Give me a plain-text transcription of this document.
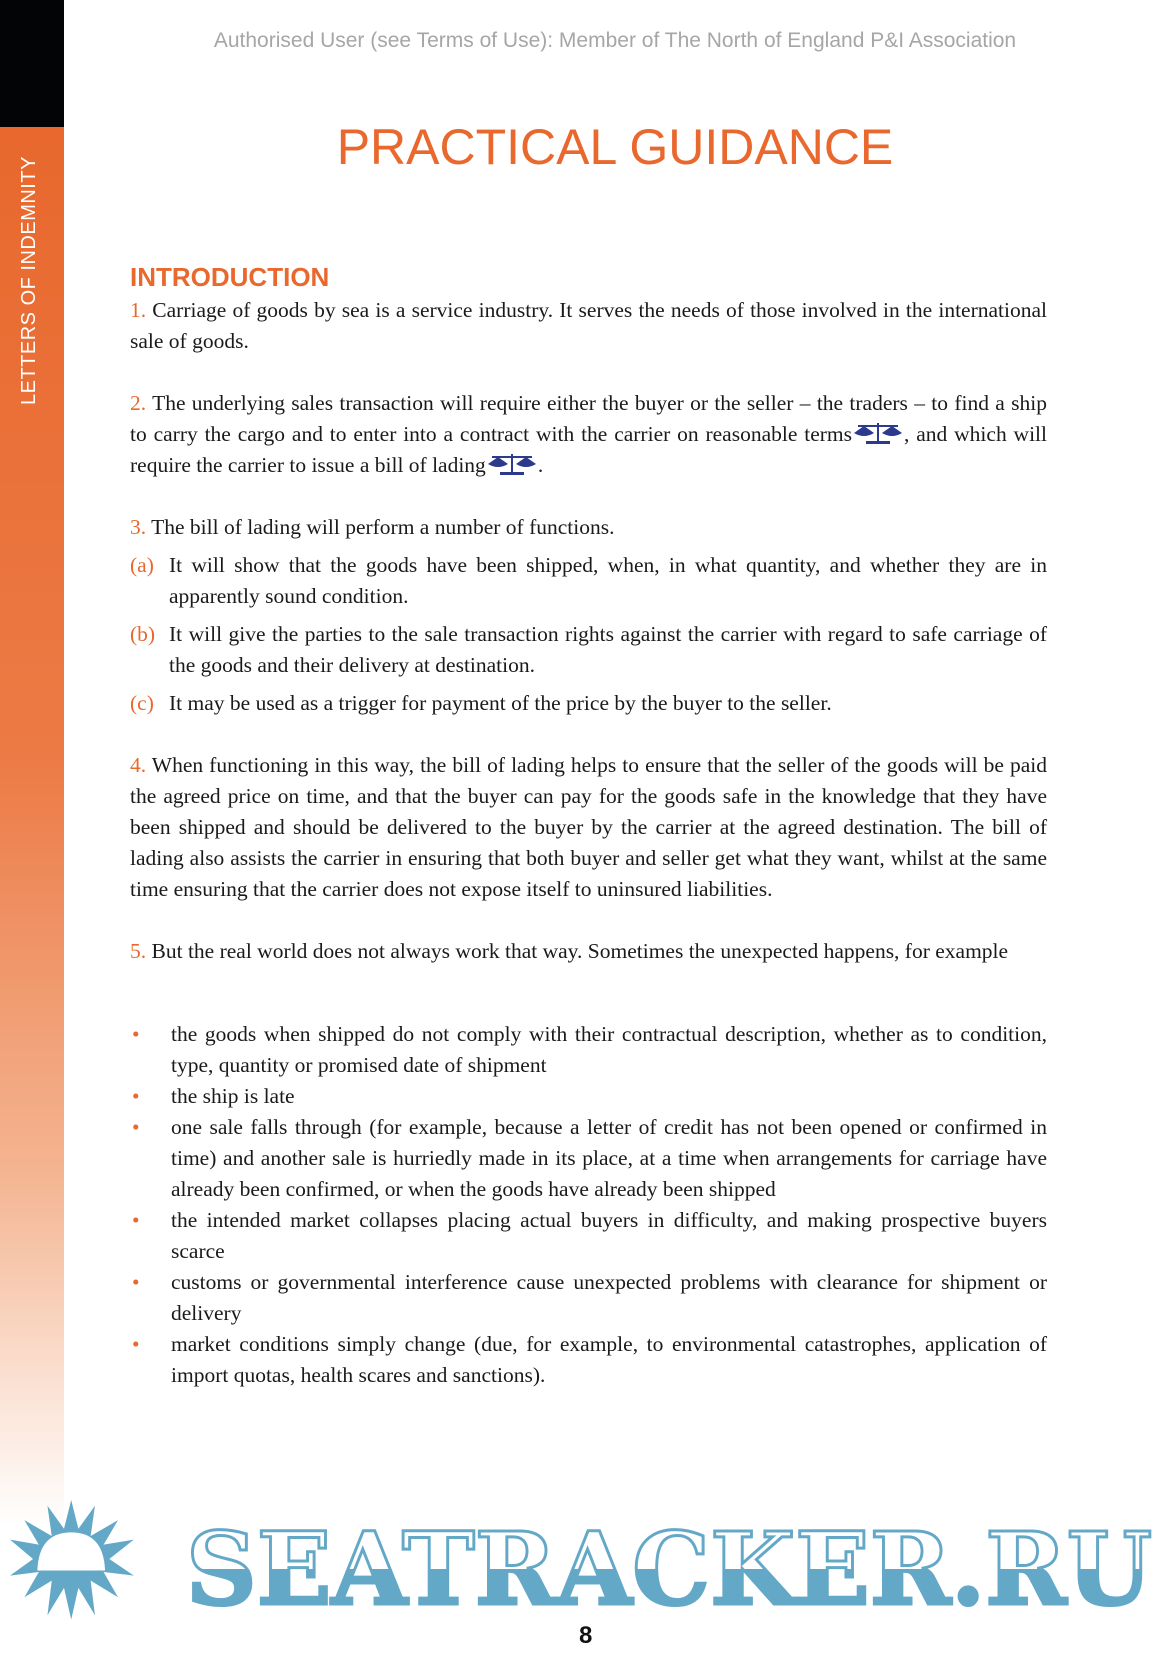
LETTERS OF INDEMNITY
Authorised User (see Terms of Use): Member of The North of England P&I Association
PRACTICAL GUIDANCE
INTRODUCTION

1. Carriage of goods by sea is a service industry. It serves the needs of those involved in the international sale of goods.

2. The underlying sales transaction will require either the buyer or the seller – the traders – to find a ship to carry the cargo and to enter into a contract with the carrier on reasonable terms , and which will require the carrier to issue a bill of lading .

3. The bill of lading will perform a number of functions.
(a) It will show that the goods have been shipped, when, in what quantity, and whether they are in apparently sound condition.
(b) It will give the parties to the sale transaction rights against the carrier with regard to safe carriage of the goods and their delivery at destination.
(c) It may be used as a trigger for payment of the price by the buyer to the seller.

4. When functioning in this way, the bill of lading helps to ensure that the seller of the goods will be paid the agreed price on time, and that the buyer can pay for the goods safe in the knowledge that they have been shipped and should be delivered to the buyer by the carrier at the agreed destination. The bill of lading also assists the carrier in ensuring that both buyer and seller get what they want, whilst at the same time ensuring that the carrier does not expose itself to uninsured liabilities.

5. But the real world does not always work that way. Sometimes the unexpected happens, for example

•	the goods when shipped do not comply with their contractual description, whether as to condition, type, quantity or promised date of shipment
•	the ship is late
•	one sale falls through (for example, because a letter of credit has not been opened or confirmed in time) and another sale is hurriedly made in its place, at a time when arrangements for carriage have already been confirmed, or when the goods have already been shipped
•	the intended market collapses placing actual buyers in difficulty, and making prospective buyers scarce
•	customs or governmental interference cause unexpected problems with clearance for shipment or delivery
•	market conditions simply change (due, for example, to environmental catastrophes, application of import quotas, health scares and sanctions).
SEATRACKER.RU
8
